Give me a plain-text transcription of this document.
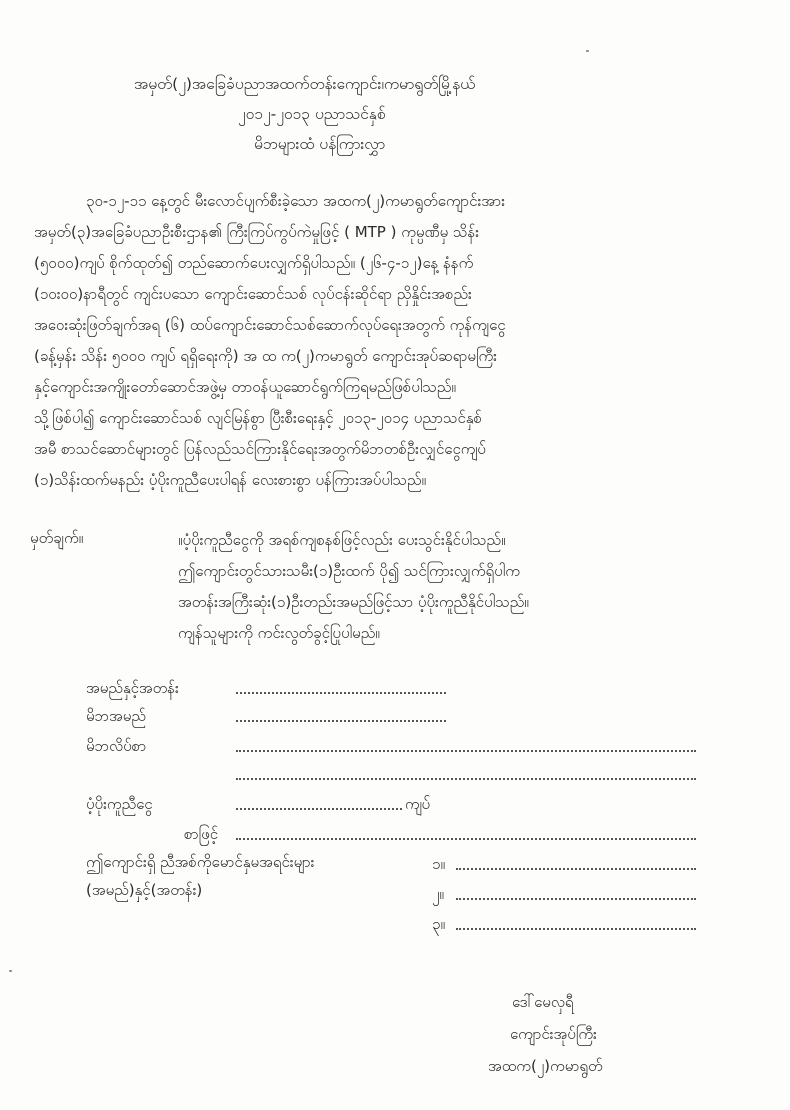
အမှတ်(၂)အခြေခံပညာအထက်တန်းကျောင်း၊ကမာရွတ်မြို့နယ်
၂၀၁၂-၂၀၁၃ ပညာသင်နှစ်
မိဘများထံ ပန်ကြားလွှာ
၃၀-၁၂-၁၁ နေ့တွင် မီးလောင်ပျက်စီးခဲ့သော အထက(၂)ကမာရွတ်ကျောင်းအား
အမှတ်(၃)အခြေခံပညာဦးစီးဌာန၏ ကြီးကြပ်ကွပ်ကဲမှုဖြင့် ( MTP ) ကုမ္ပဏီမှ သိန်း
(၅၀၀၀)ကျပ် စိုက်ထုတ်၍ တည်ဆောက်ပေးလျှက်ရှိပါသည်။ (၂၆-၄-၁၂)နေ့ နံနက်
(၁၀း၀၀)နာရီတွင် ကျင်းပသော ကျောင်းဆောင်သစ် လုပ်ငန်းဆိုင်ရာ ညှိနှိုင်းအစည်း
အဝေးဆုံးဖြတ်ချက်အရ (၆) ထပ်ကျောင်းဆောင်သစ်ဆောက်လုပ်ရေးအတွက် ကုန်ကျငွေ
(ခန့်မှန်း သိန်း ၅၀၀၀ ကျပ် ရရှိရေးကို) အ ထ က(၂)ကမာရွတ် ကျောင်းအုပ်ဆရာမကြီး
နှင့်ကျောင်းအကျိုးတော်ဆောင်အဖွဲ့မှ တာဝန်ယူဆောင်ရွက်ကြရမည်ဖြစ်ပါသည်။
သို့ဖြစ်ပါ၍ ကျောင်းဆောင်သစ် လျင်မြန်စွာ ပြီးစီးရေးနှင့် ၂၀၁၃-၂၀၁၄ ပညာသင်နှစ်
အမီ စာသင်ဆောင်များတွင် ပြန်လည်သင်ကြားနိုင်ရေးအတွက်မိဘတစ်ဦးလျှင်ငွေကျပ်
(၁)သိန်းထက်မနည်း ပံ့ပိုးကူညီပေးပါရန် လေးစားစွာ ပန်ကြားအပ်ပါသည်။
မှတ်ချက်။	။ပံ့ပိုးကူညီငွေကို အရစ်ကျစနစ်ဖြင့်လည်း ပေးသွင်းနိုင်ပါသည်။
ဤကျောင်းတွင်သားသမီး(၁)ဦးထက် ပို၍ သင်ကြားလျှက်ရှိပါက
အတန်းအကြီးဆုံး(၁)ဦးတည်းအမည်ဖြင့်သာ ပံ့ပိုးကူညီနိုင်ပါသည်။
ကျန်သူများကို ကင်းလွတ်ခွင့်ပြုပါမည်။
အမည်နှင့်အတန်း
မိဘအမည်
မိဘလိပ်စာ
ပံ့ပိုးကူညီငွေ	ကျပ်
စာဖြင့်
ဤကျောင်းရှိ ညီအစ်ကိုမောင်နှမအရင်းများ
(အမည်)နှင့်(အတန်း)
၁။
၂။
၃။
ဒေါ်မေလှရီ
ကျောင်းအုပ်ကြီး
အထက(၂)ကမာရွတ်
